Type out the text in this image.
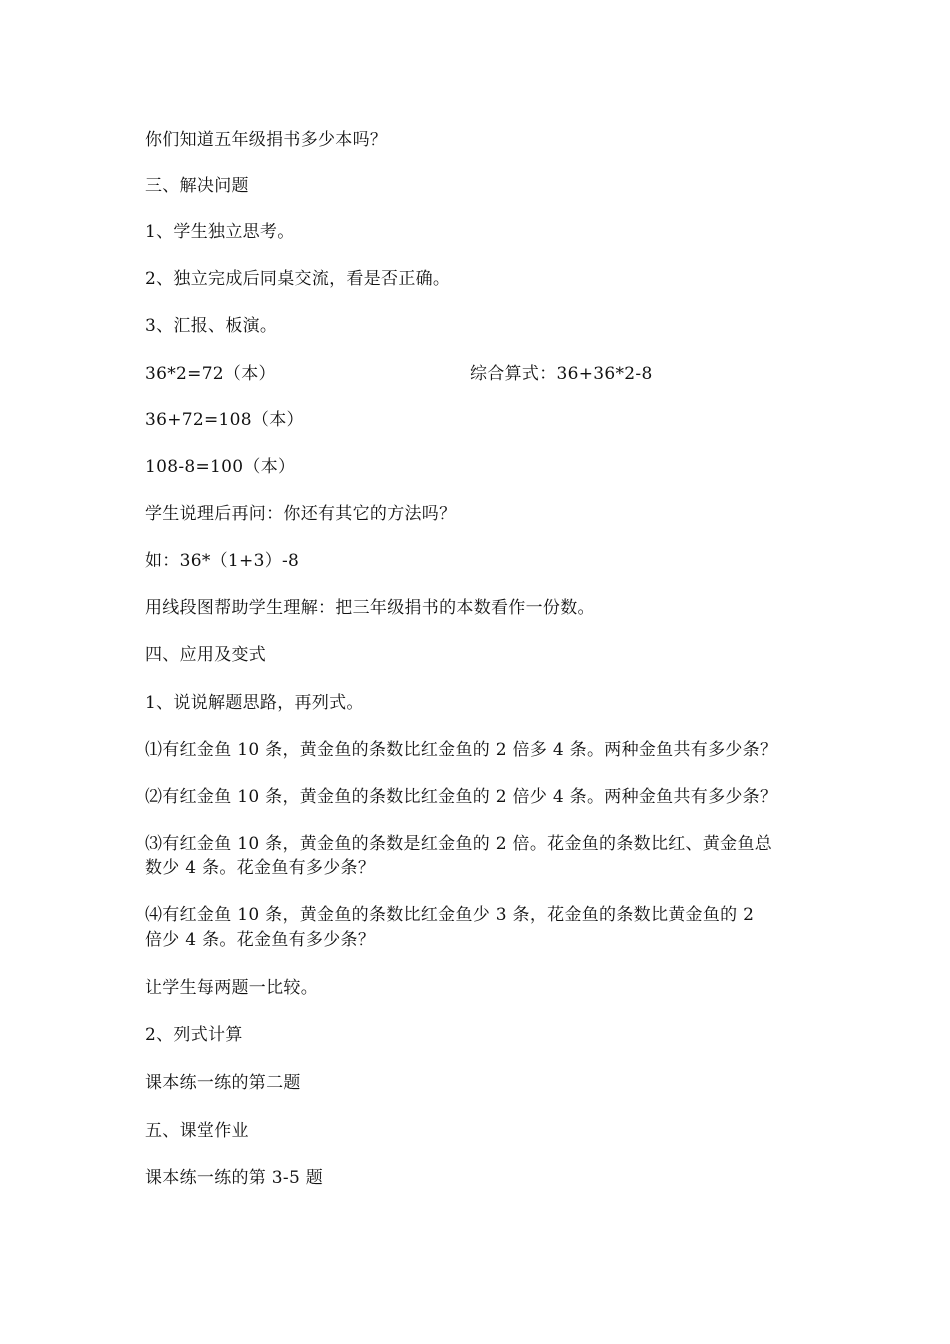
你们知道五年级捐书多少本吗？
三、解决问题
1、学生独立思考。
2、独立完成后同桌交流，看是否正确。
3、汇报、板演。
36*2=72（本）	综合算式：36+36*2-8
36+72=108（本）
108-8=100（本）
学生说理后再问：你还有其它的方法吗？
如：36*（1+3）-8
用线段图帮助学生理解：把三年级捐书的本数看作一份数。
四、应用及变式
1、说说解题思路，再列式。
⑴有红金鱼 10 条，黄金鱼的条数比红金鱼的 2 倍多 4 条。两种金鱼共有多少条？
⑵有红金鱼 10 条，黄金鱼的条数比红金鱼的 2 倍少 4 条。两种金鱼共有多少条？
⑶有红金鱼 10 条，黄金鱼的条数是红金鱼的 2 倍。花金鱼的条数比红、黄金鱼总
数少 4 条。花金鱼有多少条？
⑷有红金鱼 10 条，黄金鱼的条数比红金鱼少 3 条，花金鱼的条数比黄金鱼的 2
倍少 4 条。花金鱼有多少条？
让学生每两题一比较。
2、列式计算
课本练一练的第二题
五、课堂作业
课本练一练的第 3-5 题
